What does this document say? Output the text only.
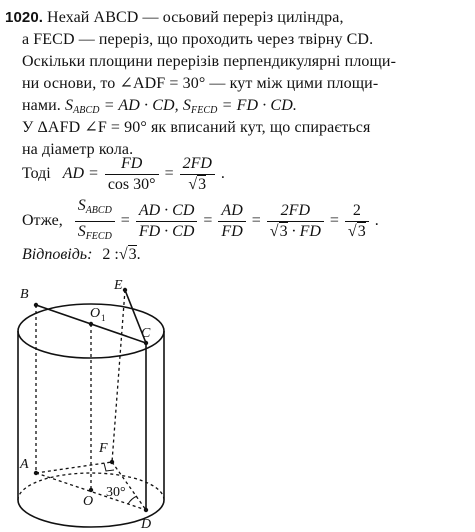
1020. Нехай ABCD — осьовий переріз циліндра,
а FECD — переріз, що проходить через твірну CD.
Оскільки площини перерізів перпендикулярні площи-
ни основи, то ∠ADF = 30° — кут між цими площи-
нами. $S_{ABCD}$ = AD · CD, $S_{FECD}$ = FD · CD.
У ΔAFD ∠F = 90° як вписаний кут, що спирається
на діаметр кола.
Тоді AD = $\frac{FD}{\cos 30^\circ} = \frac{2FD}{√3}$ .
Отже, $\frac{S_{ABCD}}{S_{FECD}} = \frac{AD \cdot CD}{FD \cdot CD} = \frac{AD}{FD} = \frac{2FD}{√3 \cdot FD} = \frac{2}{√3}$ .
Відповідь: 2 :√3.
B
E
O 1
C
F
A
O
D
30°
